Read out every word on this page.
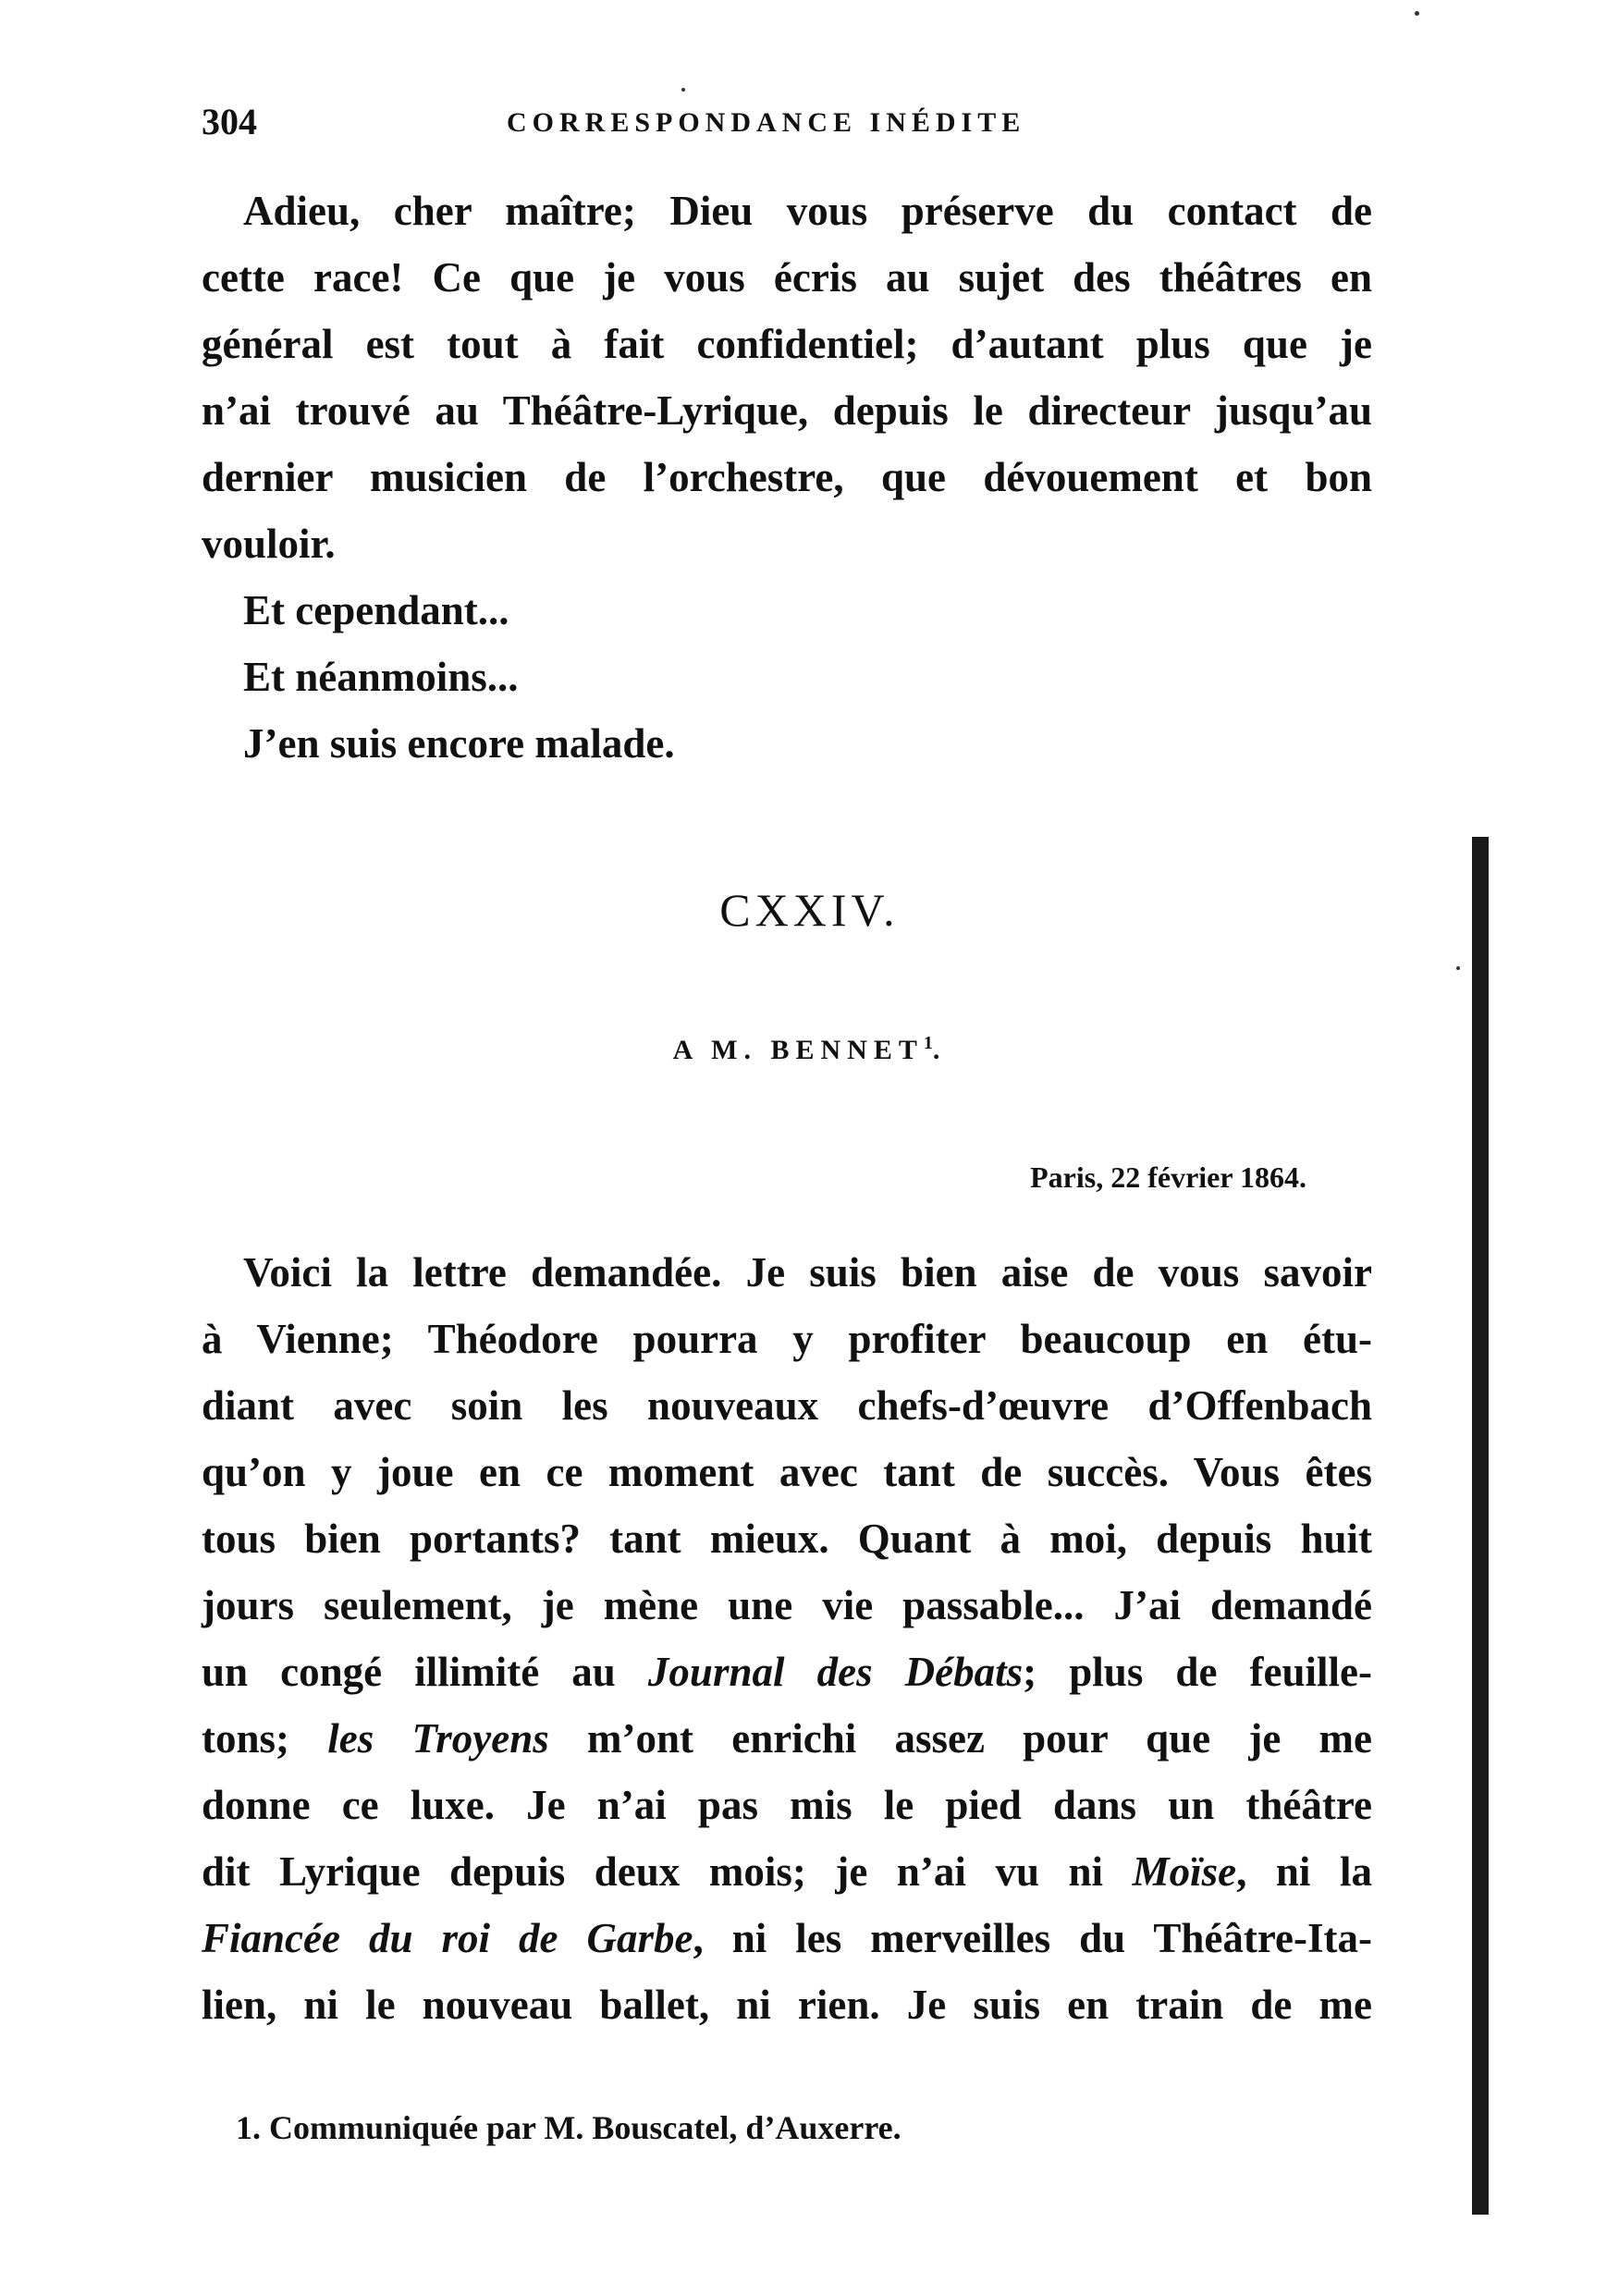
304	CORRESPONDANCE INÉDITE
Adieu, cher maître; Dieu vous préserve du contact de
cette race! Ce que je vous écris au sujet des théâtres en
général est tout à fait confidentiel; d’autant plus que je
n’ai trouvé au Théâtre-Lyrique, depuis le directeur jusqu’au
dernier musicien de l’orchestre, que dévouement et bon
vouloir.
Et cependant...
Et néanmoins...
J’en suis encore malade.
CXXIV.
A M. BENNET$^1$.
Paris, 22 février 1864.
Voici la lettre demandée. Je suis bien aise de vous savoir
à Vienne; Théodore pourra y profiter beaucoup en étu-
diant avec soin les nouveaux chefs-d’œuvre d’Offenbach
qu’on y joue en ce moment avec tant de succès. Vous êtes
tous bien portants? tant mieux. Quant à moi, depuis huit
jours seulement, je mène une vie passable... J’ai demandé
un congé illimité au Journal des Débats; plus de feuille-
tons; les Troyens m’ont enrichi assez pour que je me
donne ce luxe. Je n’ai pas mis le pied dans un théâtre
dit Lyrique depuis deux mois; je n’ai vu ni Moïse, ni la
Fiancée du roi de Garbe, ni les merveilles du Théâtre-Ita-
lien, ni le nouveau ballet, ni rien. Je suis en train de me
1. Communiquée par M. Bouscatel, d’Auxerre.
